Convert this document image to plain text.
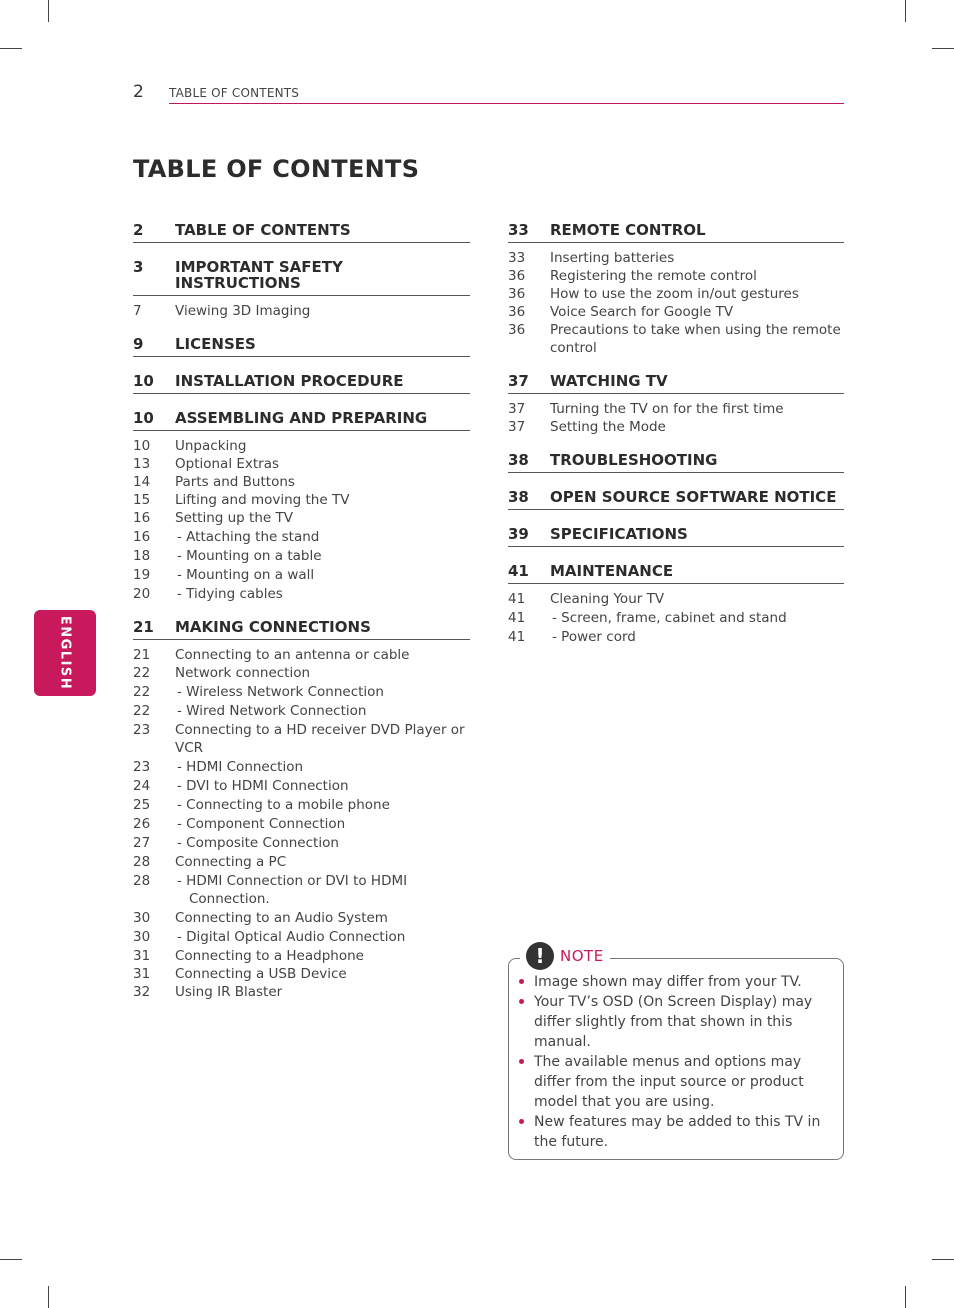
2 TABLE OF CONTENTS
TABLE OF CONTENTS
ENGLISH
2	TABLE OF CONTENTS
3	IMPORTANT SAFETY INSTRUCTIONS
7	Viewing 3D Imaging
9	LICENSES
10	INSTALLATION PROCEDURE
10	ASSEMBLING AND PREPARING
10	Unpacking
13	Optional Extras
14	Parts and Buttons
15	Lifting and moving the TV
16	Setting up the TV
16	- Attaching the stand
18	- Mounting on a table
19	- Mounting on a wall
20	- Tidying cables
21	MAKING CONNECTIONS
21	Connecting to an antenna or cable
22	Network connection
22	- Wireless Network Connection
22	- Wired Network Connection
23	Connecting to a HD receiver DVD Player or VCR
23	- HDMI Connection
24	- DVI to HDMI Connection
25	- Connecting to a mobile phone
26	- Component Connection
27	- Composite Connection
28	Connecting a PC
28	- HDMI Connection or DVI to HDMI Connection.
30	Connecting to an Audio System
30	- Digital Optical Audio Connection
31	Connecting to a Headphone
31	Connecting a USB Device
32	Using IR Blaster
33	REMOTE CONTROL
33	Inserting batteries
36	Registering the remote control
36	How to use the zoom in/out gestures
36	Voice Search for Google TV
36	Precautions to take when using the remote control
37	WATCHING TV
37	Turning the TV on for the first time
37	Setting the Mode
38	TROUBLESHOOTING
38	OPEN SOURCE SOFTWARE NOTICE
39	SPECIFICATIONS
41	MAINTENANCE
41	Cleaning Your TV
41	- Screen, frame, cabinet and stand
41	- Power cord
!	NOTE
Image shown may differ from your TV.
Your TV’s OSD (On Screen Display) may differ slightly from that shown in this manual.
The available menus and options may differ from the input source or product model that you are using.
New features may be added to this TV in the future.
